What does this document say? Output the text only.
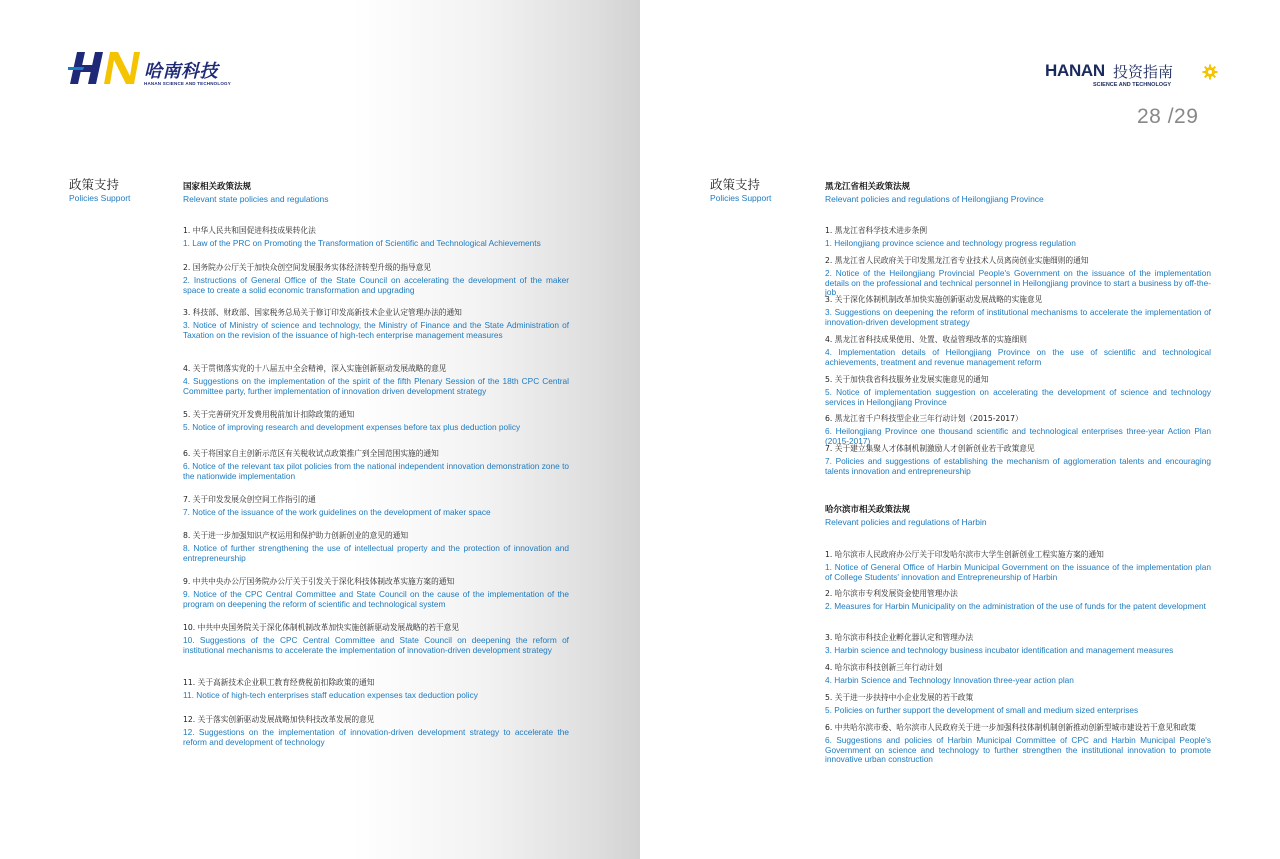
哈南科技
HANAN SCIENCE AND TECHNOLOGY
政策支持
Policies Support
国家相关政策法规
Relevant state policies and regulations
1. 中华人民共和国促进科技成果转化法
1. Law of the PRC on Promoting the Transformation of Scientific and Technological Achievements
2. 国务院办公厅关于加快众创空间发展服务实体经济转型升级的指导意见
2. Instructions of General Office of the State Council on accelerating the development of the maker space to create a solid economic transformation and upgrading
3. 科技部、财政部、国家税务总局关于修订印发高新技术企业认定管理办法的通知
3. Notice of Ministry of science and technology, the Ministry of Finance and the State Administration of Taxation on the revision of the issuance of high-tech enterprise management measures
4. 关于贯彻落实党的十八届五中全会精神，深入实施创新驱动发展战略的意见
4. Suggestions on the implementation of the spirit of the fifth Plenary Session of the 18th CPC Central Committee party, further implementation of innovation driven development strategy
5. 关于完善研究开发费用税前加计扣除政策的通知
5. Notice of improving research and development expenses before tax plus deduction policy
6. 关于将国家自主创新示范区有关税收试点政策推广到全国范围实施的通知
6. Notice of the relevant tax pilot policies from the national independent innovation demonstration zone to the nationwide implementation
7. 关于印发发展众创空间工作指引的通
7. Notice of the issuance of the work guidelines on the development of maker space
8. 关于进一步加强知识产权运用和保护助力创新创业的意见的通知
8. Notice of further strengthening the use of intellectual property and the protection of innovation and entrepreneurship
9. 中共中央办公厅国务院办公厅关于引发关于深化科技体制改革实施方案的通知
9. Notice of the CPC Central Committee and State Council on the cause of the implementation of the program on deepening the reform of scientific and technological system
10. 中共中央国务院关于深化体制机制改革加快实施创新驱动发展战略的若干意见
10. Suggestions of the CPC Central Committee and State Council on deepening the reform of institutional mechanisms to accelerate the implementation of innovation-driven development strategy
11. 关于高新技术企业职工教育经费税前扣除政策的通知
11. Notice of high-tech enterprises staff education expenses tax deduction policy
12. 关于落实创新驱动发展战略加快科技改革发展的意见
12. Suggestions on the implementation of innovation-driven development strategy to accelerate the reform and development of technology
HANAN 投资指南
SCIENCE AND TECHNOLOGY
28 /29
政策支持
Policies Support
黑龙江省相关政策法规
Relevant policies and regulations of Heilongjiang Province
1. 黑龙江省科学技术进步条例
1. Heilongjiang province science and technology progress regulation
2. 黑龙江省人民政府关于印发黑龙江省专业技术人员离岗创业实施细则的通知
2. Notice of the Heilongjiang Provincial People's Government on the issuance of the implementation details on the professional and technical personnel in Heilongjiang province to start a business by off-the-job
3. 关于深化体制机制改革加快实施创新驱动发展战略的实施意见
3. Suggestions on deepening the reform of institutional mechanisms to accelerate the implementation of innovation-driven development strategy
4. 黑龙江省科技成果使用、处置、收益管理改革的实施细则
4. Implementation details of Heilongjiang Province on the use of scientific and technological achievements, treatment and revenue management reform
5. 关于加快我省科技服务业发展实施意见的通知
5. Notice of implementation suggestion on accelerating the development of science and technology services in Heilongjiang Province
6. 黑龙江省千户科技型企业三年行动计划（2015-2017）
6. Heilongjiang Province one thousand scientific and technological enterprises three-year Action Plan (2015-2017)
7. 关于建立集聚人才体制机制激励人才创新创业若干政策意见
7. Policies and suggestions of establishing the mechanism of agglomeration talents and encouraging talents innovation and entrepreneurship
哈尔滨市相关政策法规
Relevant policies and regulations of Harbin
1. 哈尔滨市人民政府办公厅关于印发哈尔滨市大学生创新创业工程实施方案的通知
1. Notice of General Office of Harbin Municipal Government on the issuance of the implementation plan of College Students' innovation and Entrepreneurship of Harbin
2. 哈尔滨市专利发展资金使用管理办法
2. Measures for Harbin Municipality on the administration of the use of funds for the patent development
3. 哈尔滨市科技企业孵化器认定和管理办法
3. Harbin science and technology business incubator identification and management measures
4. 哈尔滨市科技创新三年行动计划
4. Harbin Science and Technology Innovation three-year action plan
5. 关于进一步扶持中小企业发展的若干政策
5. Policies on further support the development of small and medium sized enterprises
6. 中共哈尔滨市委、哈尔滨市人民政府关于进一步加强科技体制机制创新推动创新型城市建设若干意见和政策
6. Suggestions and policies of Harbin Municipal Committee of CPC and Harbin Municipal People's Government on science and technology to further strengthen the institutional innovation to promote innovative urban construction
